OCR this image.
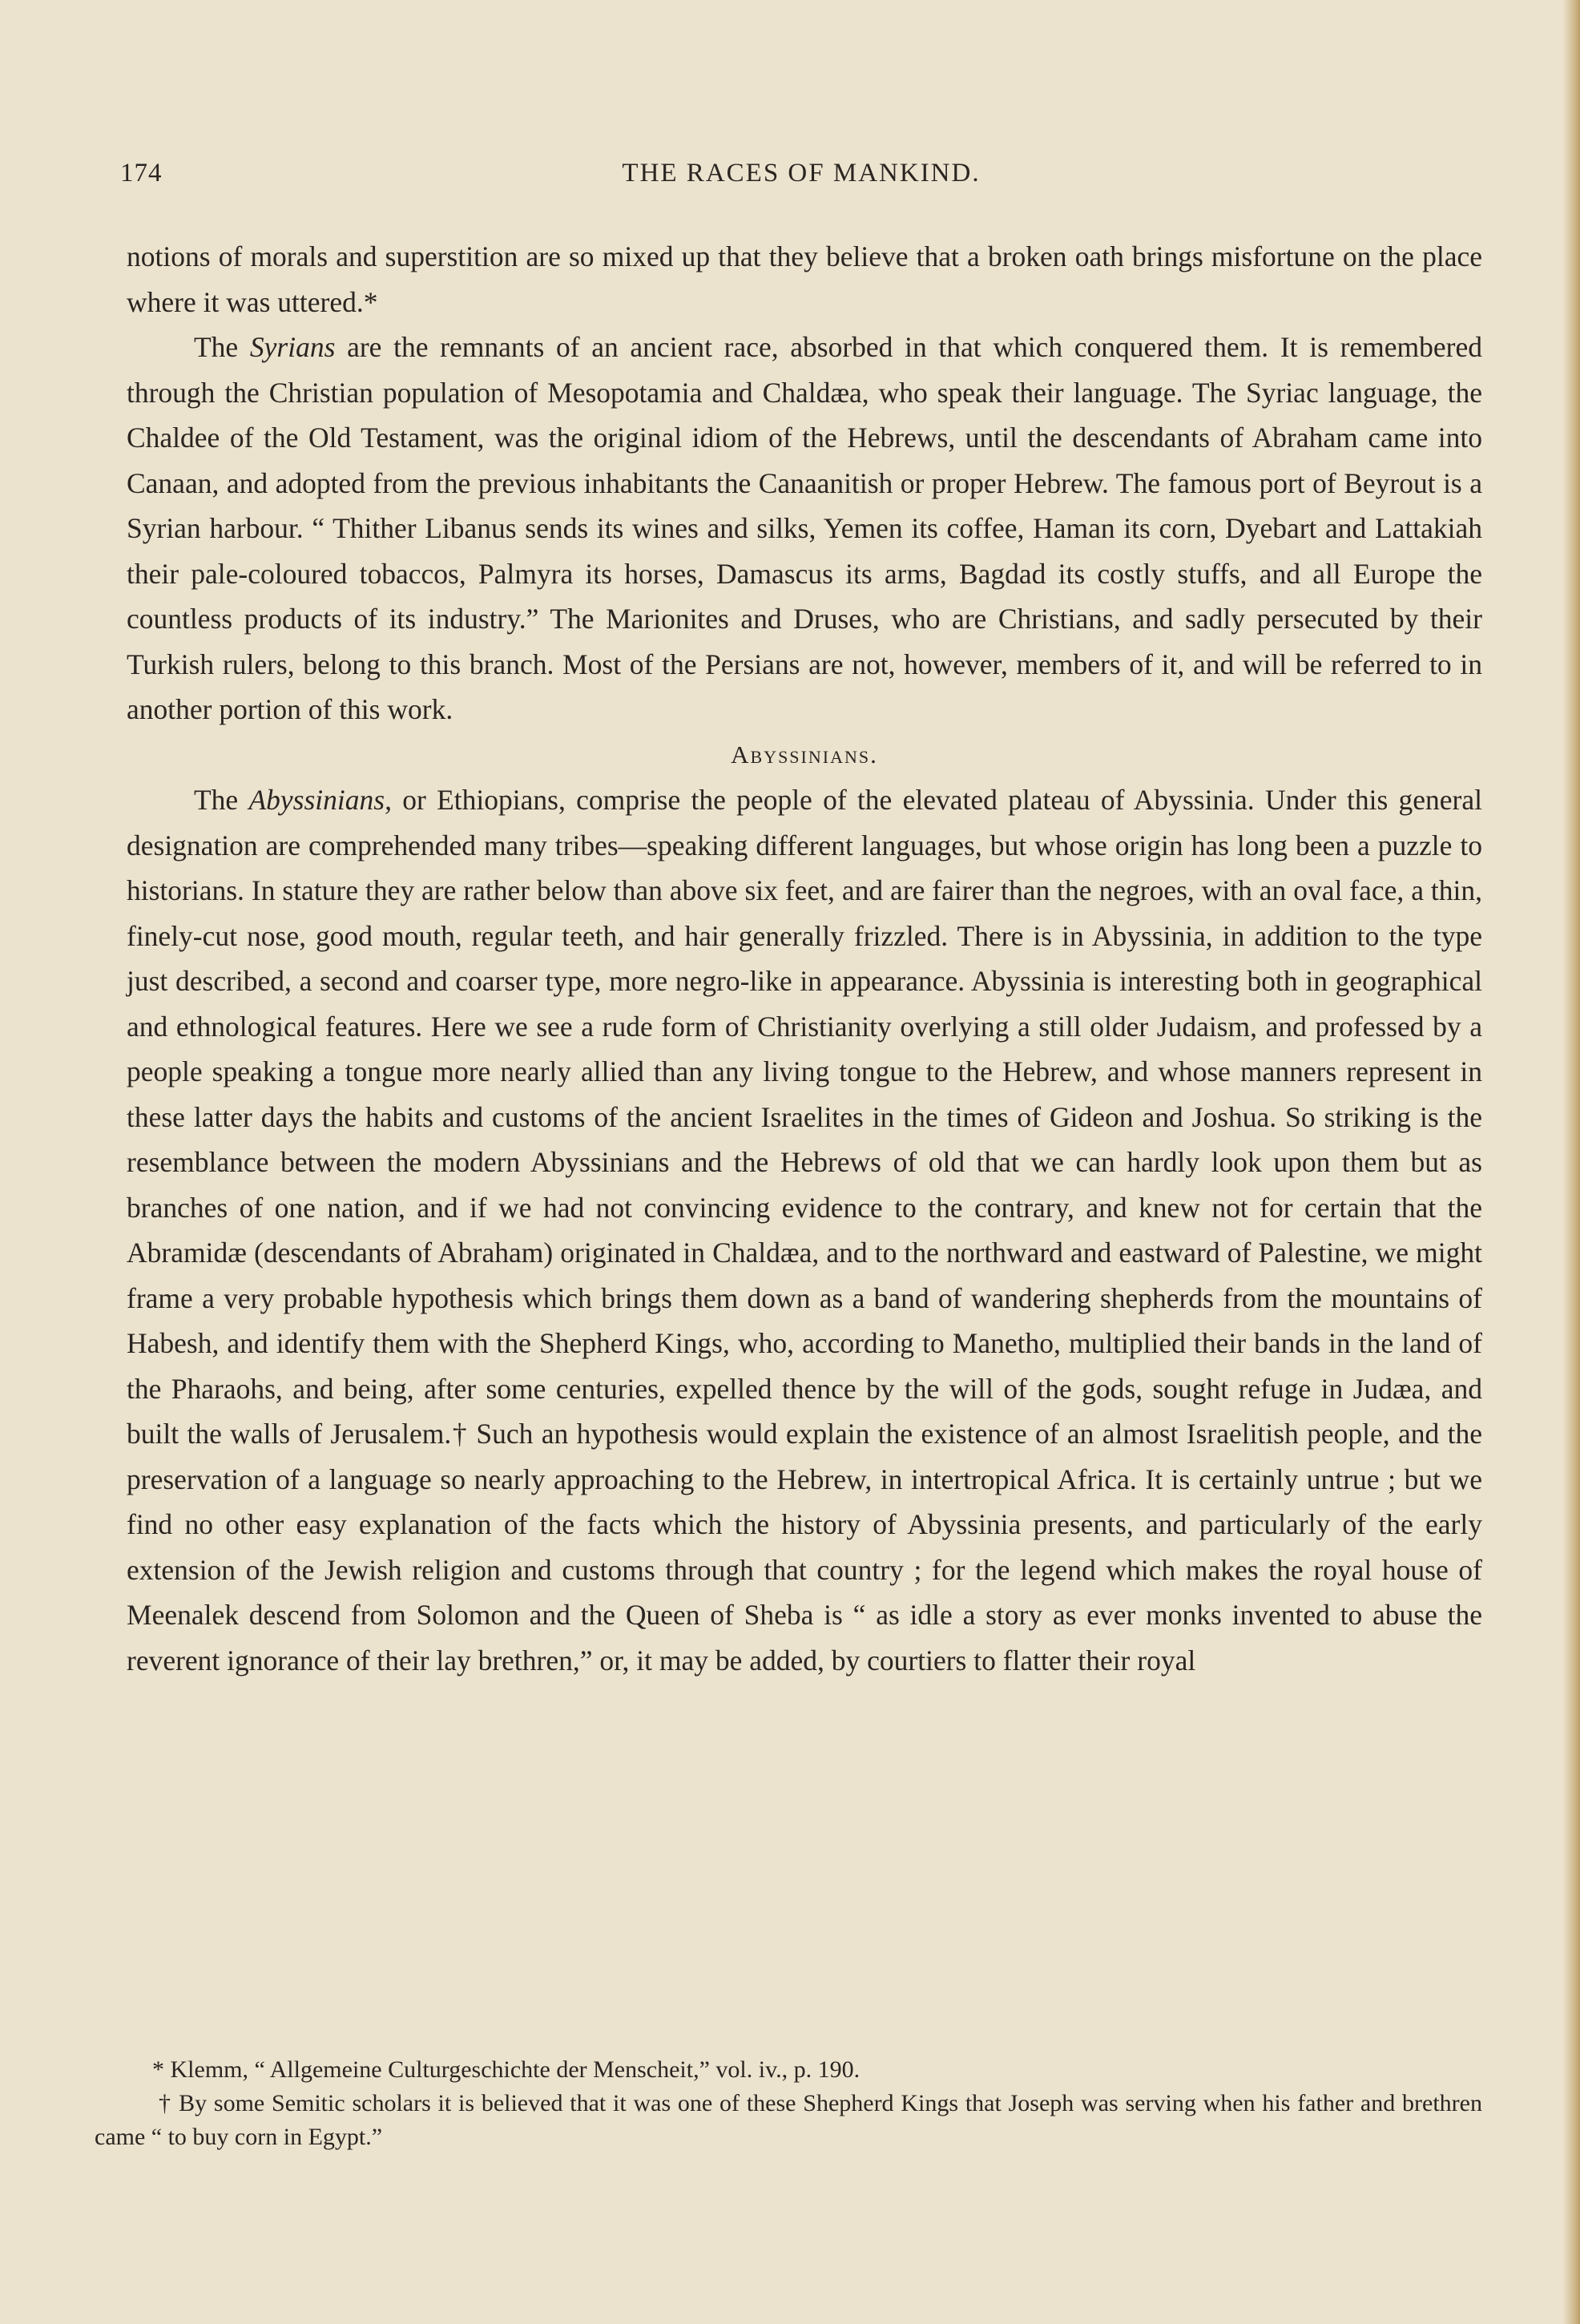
174	THE RACES OF MANKIND.

notions of morals and superstition are so mixed up that they believe that a broken oath brings misfortune on the place where it was uttered.*

The Syrians are the remnants of an ancient race, absorbed in that which conquered them. It is remembered through the Christian population of Mesopotamia and Chaldæa, who speak their language. The Syriac language, the Chaldee of the Old Testament, was the original idiom of the Hebrews, until the descendants of Abraham came into Canaan, and adopted from the previous inhabitants the Canaanitish or proper Hebrew. The famous port of Beyrout is a Syrian harbour. “ Thither Libanus sends its wines and silks, Yemen its coffee, Haman its corn, Dyebart and Lattakiah their pale-coloured tobaccos, Palmyra its horses, Damascus its arms, Bagdad its costly stuffs, and all Europe the countless products of its industry.” The Marionites and Druses, who are Christians, and sadly persecuted by their Turkish rulers, belong to this branch. Most of the Persians are not, however, members of it, and will be referred to in another portion of this work.

Abyssinians.

The Abyssinians, or Ethiopians, comprise the people of the elevated plateau of Abyssinia. Under this general designation are comprehended many tribes—speaking different languages, but whose origin has long been a puzzle to historians. In stature they are rather below than above six feet, and are fairer than the negroes, with an oval face, a thin, finely-cut nose, good mouth, regular teeth, and hair generally frizzled. There is in Abyssinia, in addition to the type just described, a second and coarser type, more negro-like in appearance. Abyssinia is interesting both in geographical and ethnological features. Here we see a rude form of Christianity overlying a still older Judaism, and professed by a people speaking a tongue more nearly allied than any living tongue to the Hebrew, and whose manners represent in these latter days the habits and customs of the ancient Israelites in the times of Gideon and Joshua. So striking is the resemblance between the modern Abyssinians and the Hebrews of old that we can hardly look upon them but as branches of one nation, and if we had not convincing evidence to the contrary, and knew not for certain that the Abramidæ (descendants of Abraham) originated in Chaldæa, and to the northward and eastward of Palestine, we might frame a very probable hypothesis which brings them down as a band of wandering shepherds from the mountains of Habesh, and identify them with the Shepherd Kings, who, according to Manetho, multiplied their bands in the land of the Pharaohs, and being, after some centuries, expelled thence by the will of the gods, sought refuge in Judæa, and built the walls of Jerusalem.† Such an hypothesis would explain the existence of an almost Israelitish people, and the preservation of a language so nearly approaching to the Hebrew, in intertropical Africa. It is certainly untrue ; but we find no other easy explanation of the facts which the history of Abyssinia presents, and particularly of the early extension of the Jewish religion and customs through that country ; for the legend which makes the royal house of Meenalek descend from Solomon and the Queen of Sheba is “ as idle a story as ever monks invented to abuse the reverent ignorance of their lay brethren,” or, it may be added, by courtiers to flatter their royal

* Klemm, “ Allgemeine Culturgeschichte der Menscheit,” vol. iv., p. 190.

† By some Semitic scholars it is believed that it was one of these Shepherd Kings that Joseph was serving when his father and brethren came “ to buy corn in Egypt.”
